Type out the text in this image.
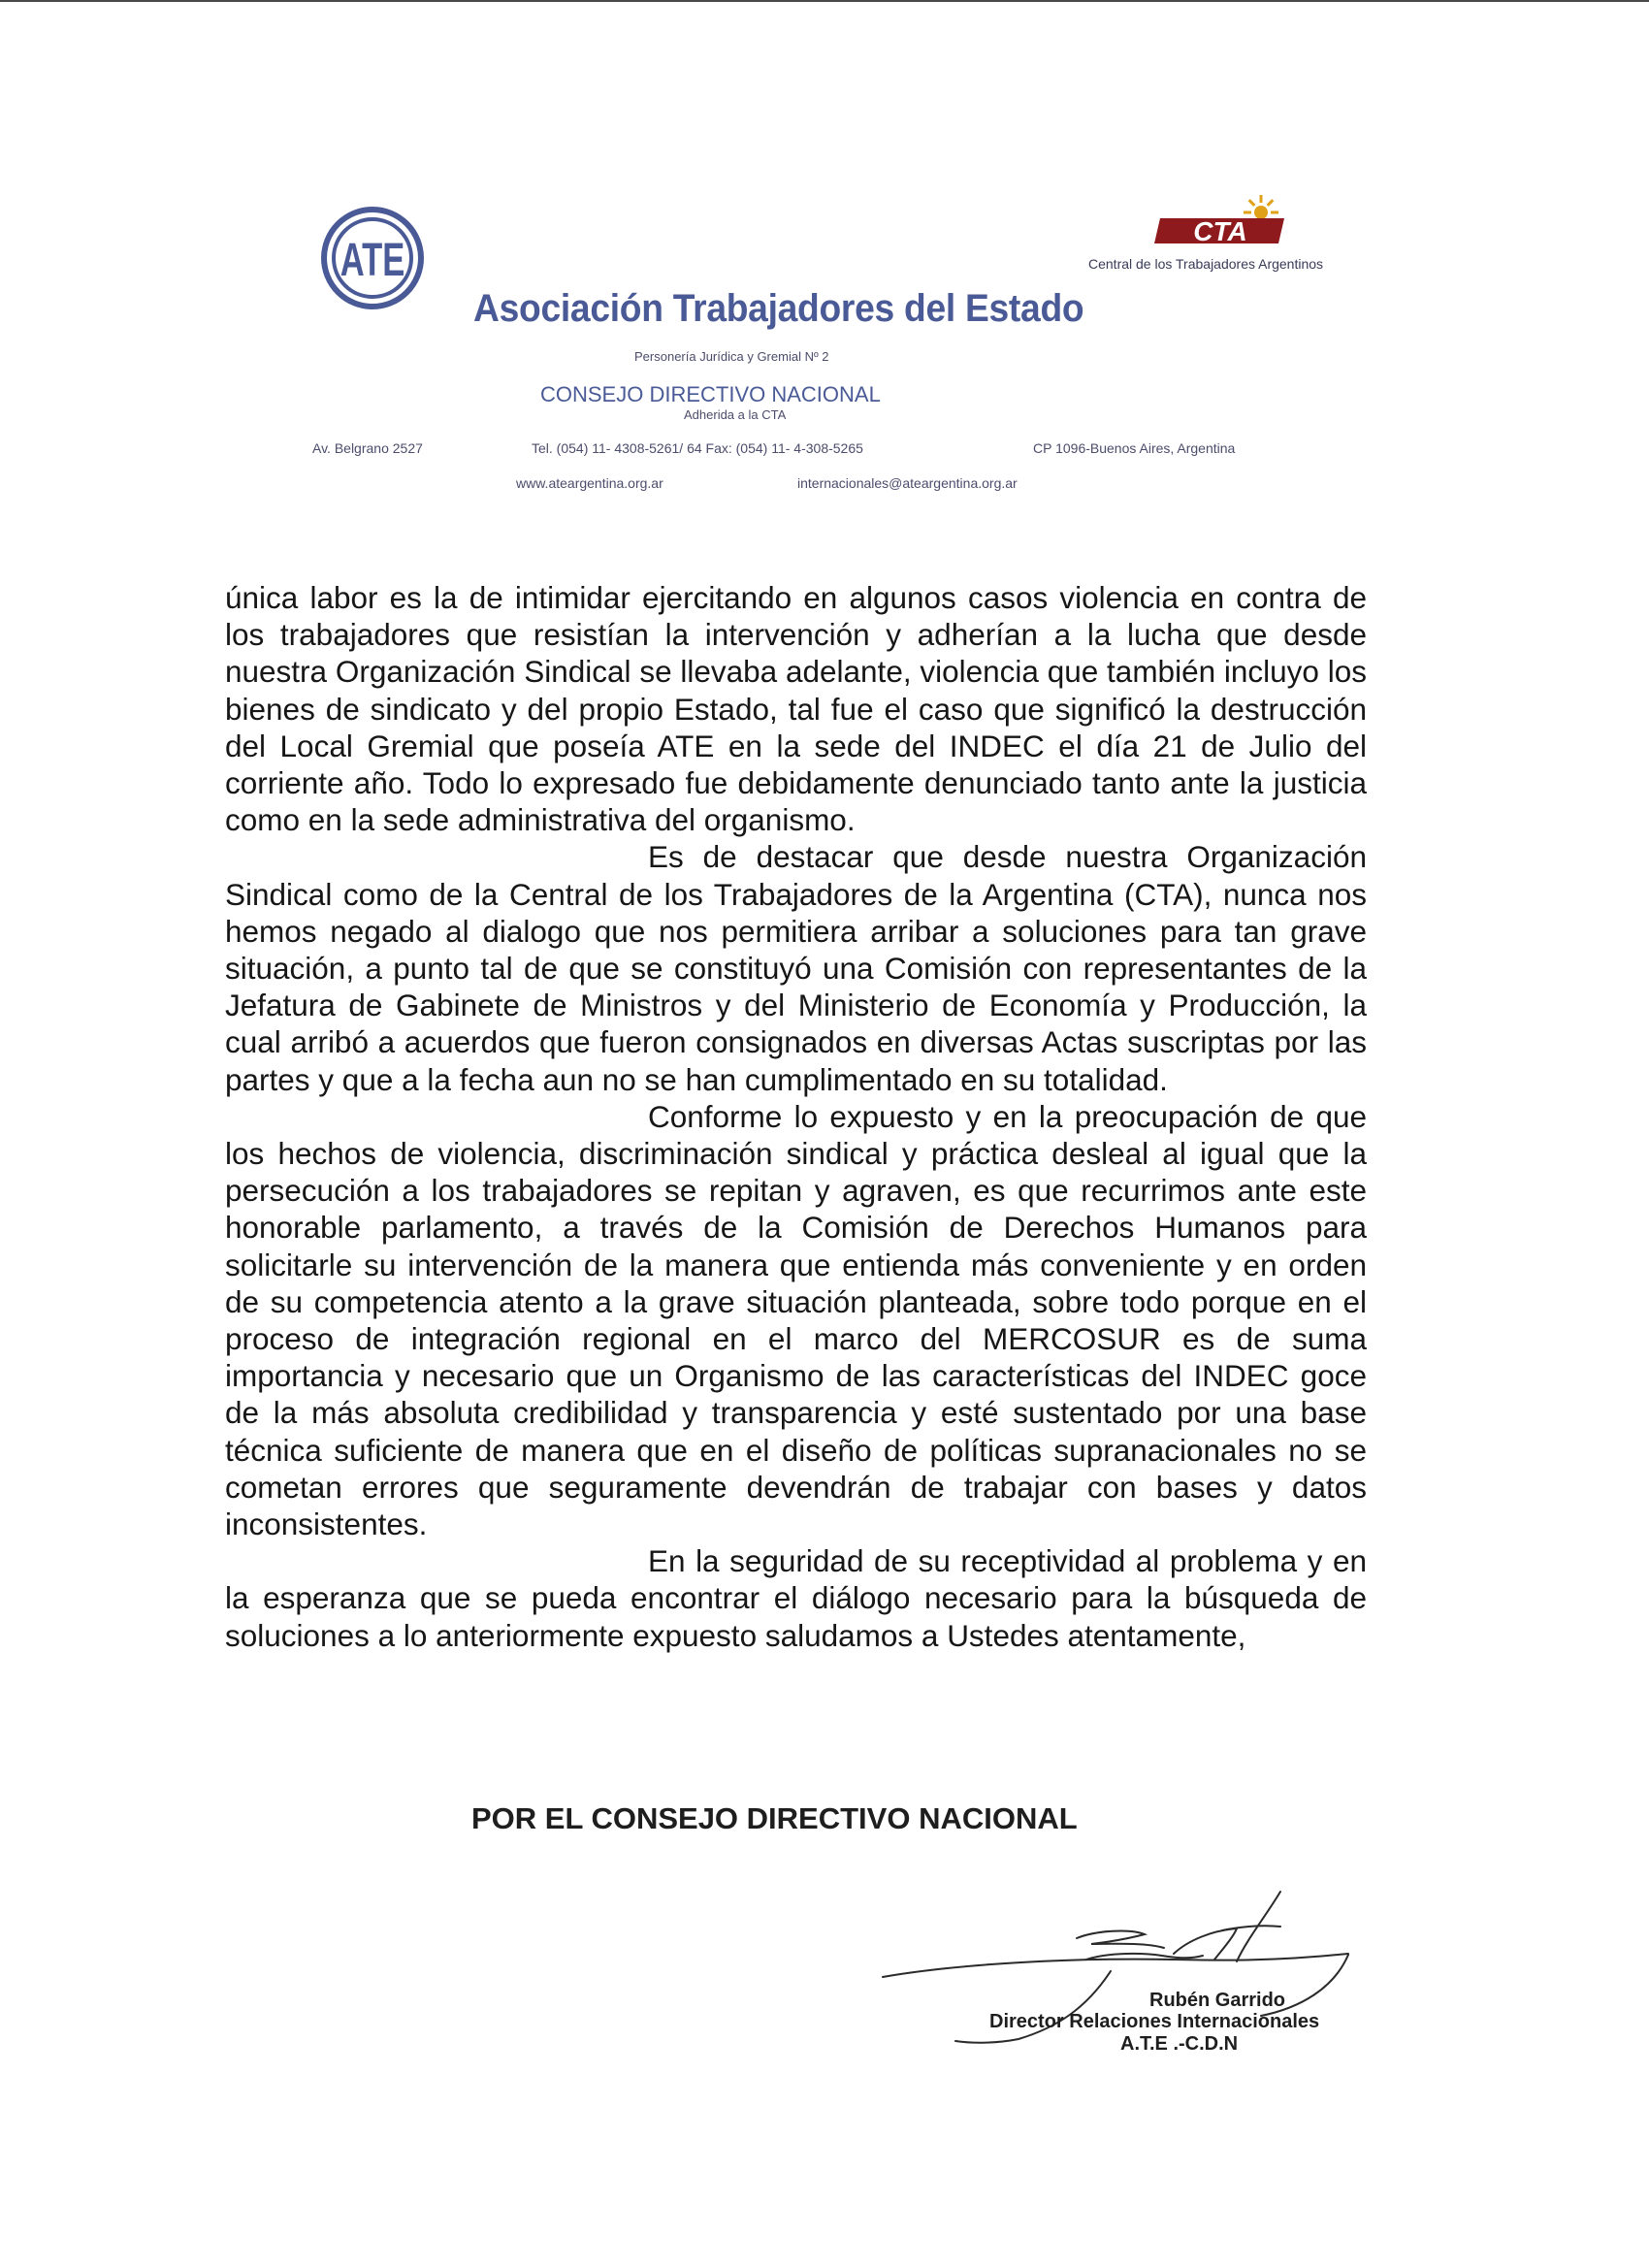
ATE
CTA
Central de los Trabajadores Argentinos
Asociación Trabajadores del Estado
Personería Jurídica y Gremial Nº 2
CONSEJO DIRECTIVO NACIONAL
Adherida a la CTA
Av. Belgrano 2527	Tel. (054) 11- 4308-5261/ 64 Fax: (054) 11- 4-308-5265	CP 1096-Buenos Aires, Argentina
www.ateargentina.org.ar	internacionales@ateargentina.org.ar

única labor es la de intimidar ejercitando en algunos casos violencia en contra de los trabajadores que resistían la intervención y adherían a la lucha que desde nuestra Organización Sindical se llevaba adelante, violencia que también incluyo los bienes de sindicato y del propio Estado, tal fue el caso que significó la destrucción del Local Gremial que poseía ATE en la sede del INDEC el día 21 de Julio del corriente año. Todo lo expresado fue debidamente denunciado tanto ante la justicia como en la sede administrativa del organismo.

Es de destacar que desde nuestra Organización Sindical como de la Central de los Trabajadores de la Argentina (CTA), nunca nos hemos negado al dialogo que nos permitiera arribar a soluciones para tan grave situación, a punto tal de que se constituyó una Comisión con representantes de la Jefatura de Gabinete de Ministros y del Ministerio de Economía y Producción, la cual arribó a acuerdos que fueron consignados en diversas Actas suscriptas por las partes y que a la fecha aun no se han cumplimentado en su totalidad.

Conforme lo expuesto y en la preocupación de que los hechos de violencia, discriminación sindical y práctica desleal al igual que la persecución a los trabajadores se repitan y agraven, es que recurrimos ante este honorable parlamento, a través de la Comisión de Derechos Humanos para solicitarle su intervención de la manera que entienda más conveniente y en orden de su competencia atento a la grave situación planteada, sobre todo porque en el proceso de integración regional en el marco del MERCOSUR es de suma importancia y necesario que un Organismo de las características del INDEC goce de la más absoluta credibilidad y transparencia y esté sustentado por una base técnica suficiente de manera que en el diseño de políticas supranacionales no se cometan errores que seguramente devendrán de trabajar con bases y datos inconsistentes.

En la seguridad de su receptividad al problema y en la esperanza que se pueda encontrar el diálogo necesario para la búsqueda de soluciones a lo anteriormente expuesto saludamos a Ustedes atentamente,

POR EL CONSEJO DIRECTIVO NACIONAL
Rubén Garrido
Director Relaciones Internacionales
A.T.E .-C.D.N
